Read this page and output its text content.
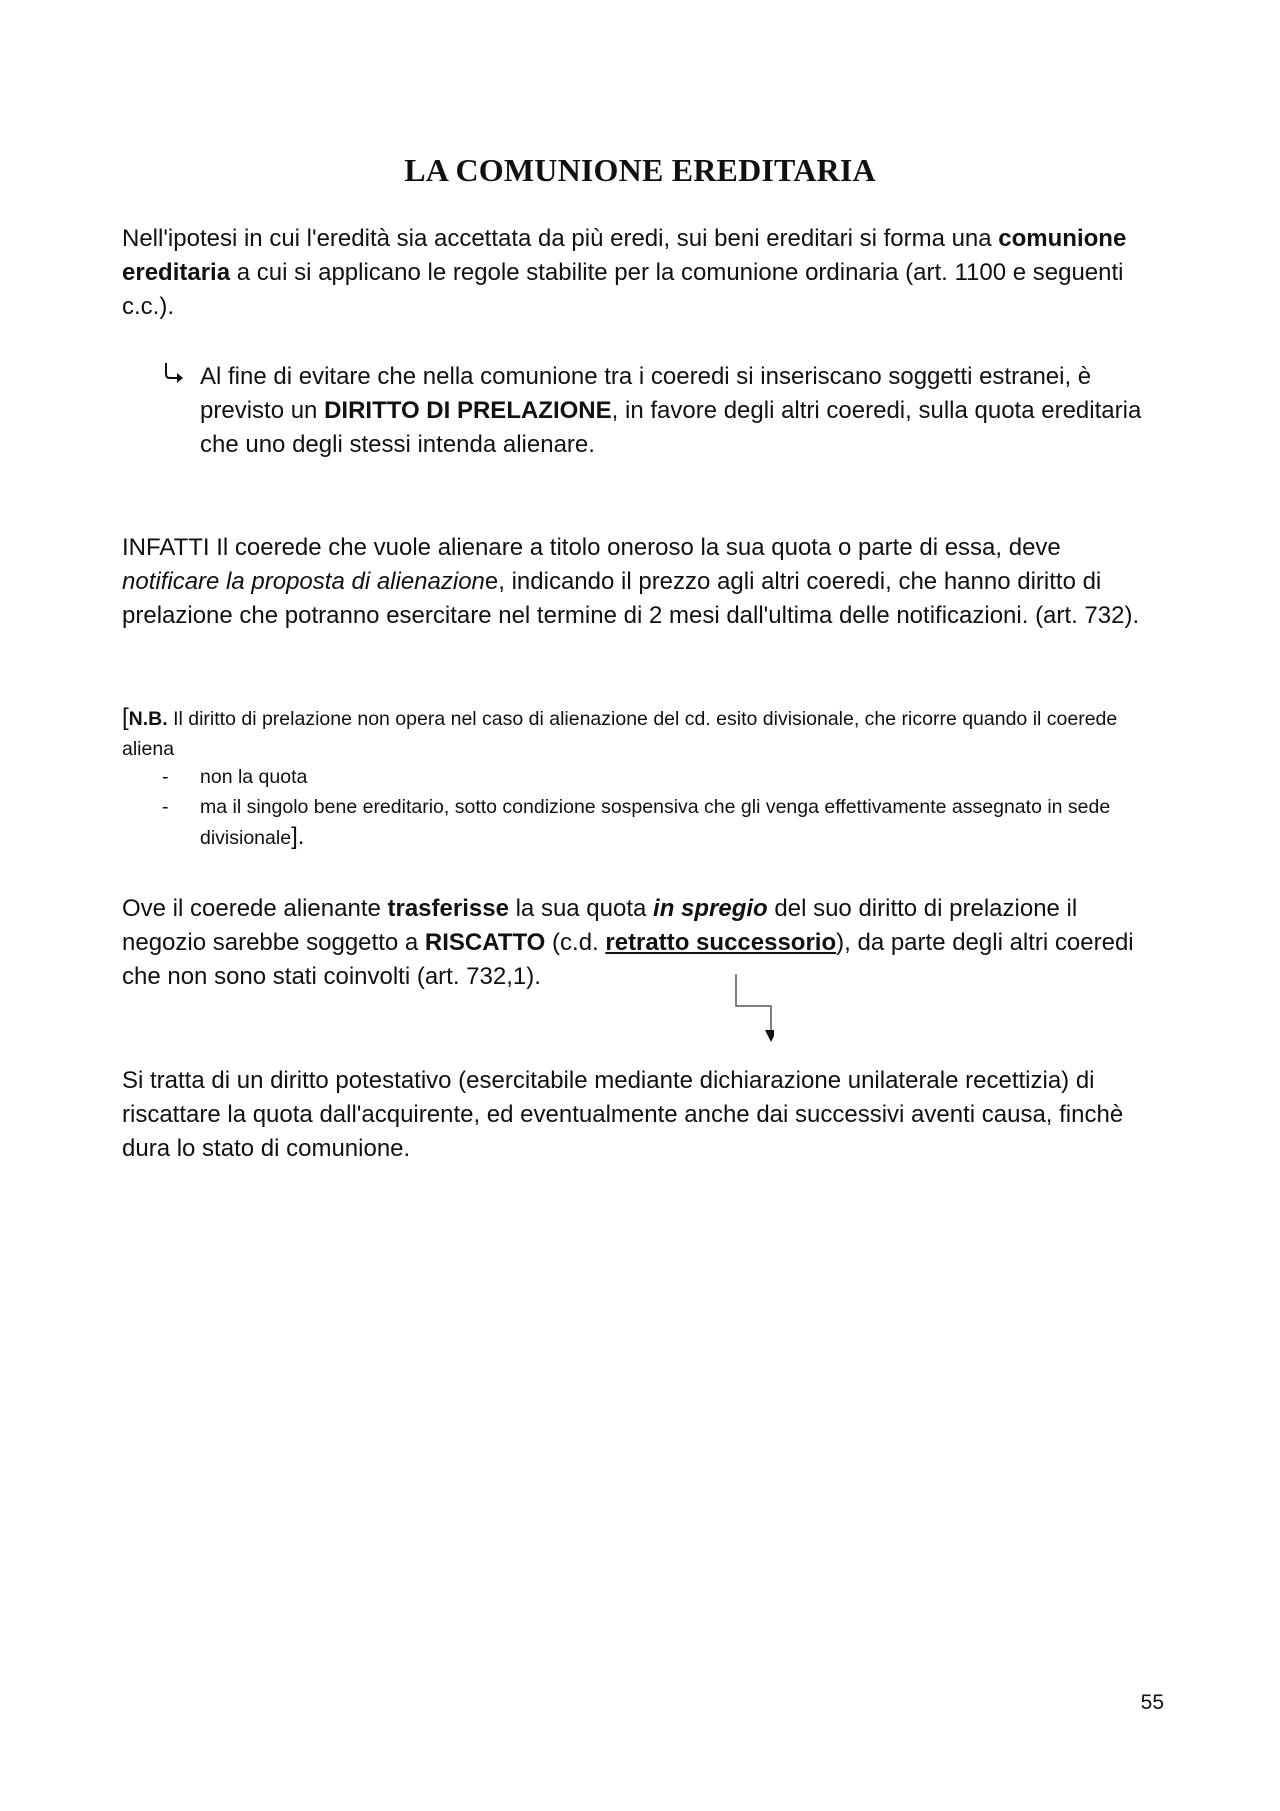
LA COMUNIONE EREDITARIA
Nell'ipotesi in cui l'eredità sia accettata da più eredi, sui beni ereditari si forma una comunione ereditaria a cui si applicano le regole stabilite per la comunione ordinaria (art. 1100 e seguenti c.c.).
Al fine di evitare che nella comunione tra i coeredi si inseriscano soggetti estranei, è previsto un DIRITTO DI PRELAZIONE, in favore degli altri coeredi, sulla quota ereditaria che uno degli stessi intenda alienare.
INFATTI Il coerede che vuole alienare a titolo oneroso la sua quota o parte di essa, deve notificare la proposta di alienazione, indicando il prezzo agli altri coeredi, che hanno diritto di prelazione che potranno esercitare nel termine di 2 mesi dall'ultima delle notificazioni. (art. 732).
[N.B. Il diritto di prelazione non opera nel caso di alienazione del cd. esito divisionale, che ricorre quando il coerede aliena
- non la quota
- ma il singolo bene ereditario, sotto condizione sospensiva che gli venga effettivamente assegnato in sede divisionale].
Ove il coerede alienante trasferisse la sua quota in spregio del suo diritto di prelazione il negozio sarebbe soggetto a RISCATTO (c.d. retratto successorio), da parte degli altri coeredi che non sono stati coinvolti (art. 732,1).
Si tratta di un diritto potestativo (esercitabile mediante dichiarazione unilaterale recettizia) di riscattare la quota dall'acquirente, ed eventualmente anche dai successivi aventi causa, finchè dura lo stato di comunione.
55
